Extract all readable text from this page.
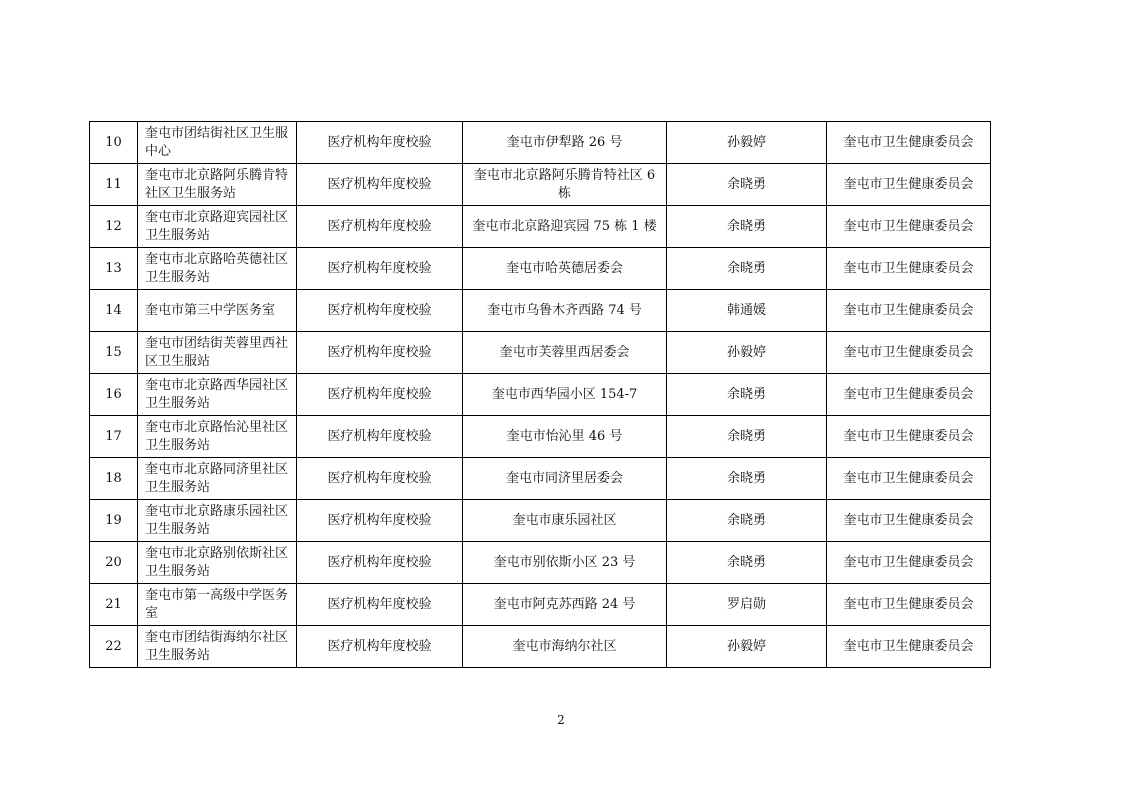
10	奎屯市团结街社区卫生服中心	医疗机构年度校验	奎屯市伊犁路 26 号	孙毅婷	奎屯市卫生健康委员会
11	奎屯市北京路阿乐腾肯特社区卫生服务站	医疗机构年度校验	奎屯市北京路阿乐腾肯特社区 6 栋	余晓勇	奎屯市卫生健康委员会
12	奎屯市北京路迎宾园社区卫生服务站	医疗机构年度校验	奎屯市北京路迎宾园 75 栋 1 楼	余晓勇	奎屯市卫生健康委员会
13	奎屯市北京路哈英德社区卫生服务站	医疗机构年度校验	奎屯市哈英德居委会	余晓勇	奎屯市卫生健康委员会
14	奎屯市第三中学医务室	医疗机构年度校验	奎屯市乌鲁木齐西路 74 号	韩通媛	奎屯市卫生健康委员会
15	奎屯市团结街芙蓉里西社区卫生服站	医疗机构年度校验	奎屯市芙蓉里西居委会	孙毅婷	奎屯市卫生健康委员会
16	奎屯市北京路西华园社区卫生服务站	医疗机构年度校验	奎屯市西华园小区 154-7	余晓勇	奎屯市卫生健康委员会
17	奎屯市北京路怡沁里社区卫生服务站	医疗机构年度校验	奎屯市怡沁里 46 号	余晓勇	奎屯市卫生健康委员会
18	奎屯市北京路同济里社区卫生服务站	医疗机构年度校验	奎屯市同济里居委会	余晓勇	奎屯市卫生健康委员会
19	奎屯市北京路康乐园社区卫生服务站	医疗机构年度校验	奎屯市康乐园社区	余晓勇	奎屯市卫生健康委员会
20	奎屯市北京路别依斯社区卫生服务站	医疗机构年度校验	奎屯市别依斯小区 23 号	余晓勇	奎屯市卫生健康委员会
21	奎屯市第一高级中学医务室	医疗机构年度校验	奎屯市阿克苏西路 24 号	罗启勋	奎屯市卫生健康委员会
22	奎屯市团结街海纳尔社区卫生服务站	医疗机构年度校验	奎屯市海纳尔社区	孙毅婷	奎屯市卫生健康委员会
2
